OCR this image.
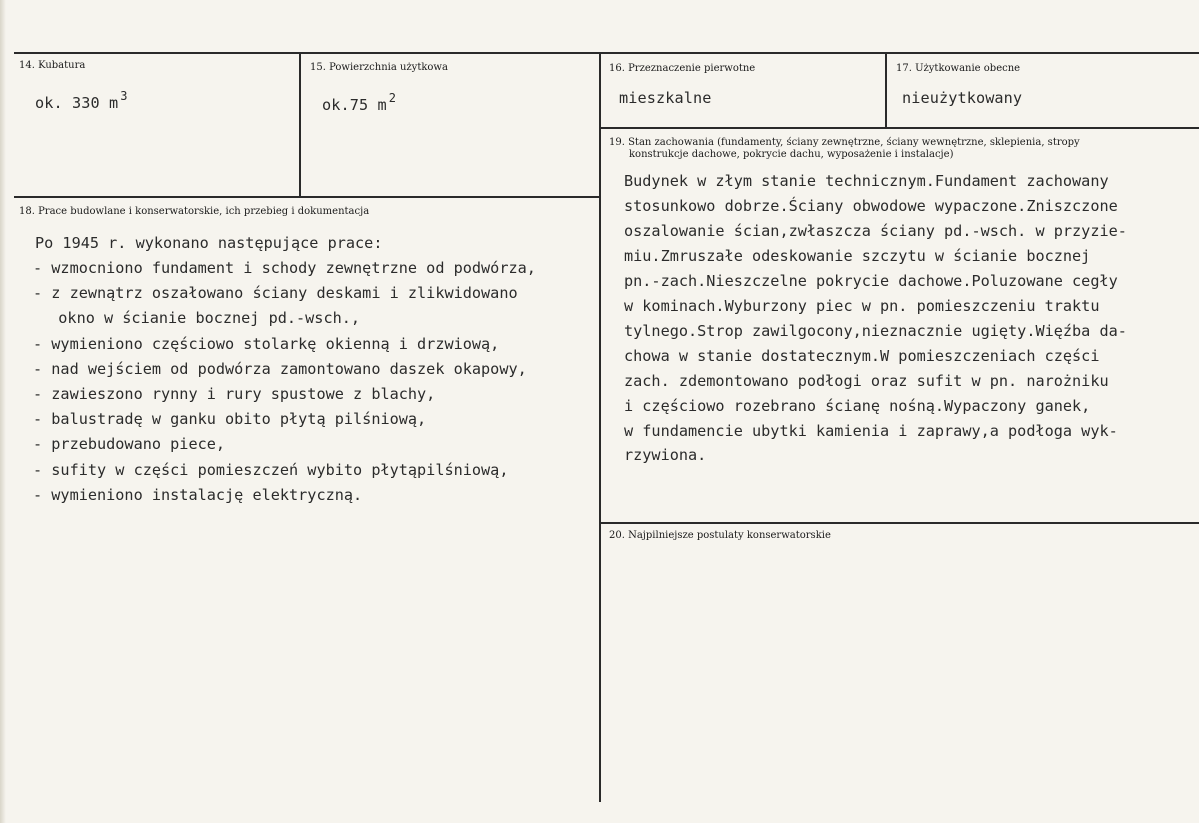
14. Kubatura
ok. 330 m $^3$
15. Powierzchnia użytkowa
ok.75 m $^2$
16. Przeznaczenie pierwotne
mieszkalne
17. Użytkowanie obecne
nieużytkowany
18. Prace budowlane i konserwatorskie, ich przebieg i dokumentacja
Po 1945 r. wykonano następujące prace:
- wzmocniono fundament i schody zewnętrzne od podwórza,
- z zewnątrz oszałowano ściany deskami i zlikwidowano
okno w ścianie bocznej pd.-wsch.,
- wymieniono częściowo stolarkę okienną i drzwiową,
- nad wejściem od podwórza zamontowano daszek okapowy,
- zawieszono rynny i rury spustowe z blachy,
- balustradę w ganku obito płytą pilśniową,
- przebudowano piece,
- sufity w części pomieszczeń wybito płytąpilśniową,
- wymieniono instalację elektryczną.
19. Stan zachowania (fundamenty, ściany zewnętrzne, ściany wewnętrzne, sklepienia, stropy
konstrukcje dachowe, pokrycie dachu, wyposażenie i instalacje)
Budynek w złym stanie technicznym.Fundament zachowany
stosunkowo dobrze.Ściany obwodowe wypaczone.Zniszczone
oszalowanie ścian,zwłaszcza ściany pd.-wsch. w przyzie-
miu.Zmruszałe odeskowanie szczytu w ścianie bocznej
pn.-zach.Nieszczelne pokrycie dachowe.Poluzowane cegły
w kominach.Wyburzony piec w pn. pomieszczeniu traktu
tylnego.Strop zawilgocony,nieznacznie ugięty.Więźba da-
chowa w stanie dostatecznym.W pomieszczeniach części
zach. zdemontowano podłogi oraz sufit w pn. narożniku
i częściowo rozebrano ścianę nośną.Wypaczony ganek,
w fundamencie ubytki kamienia i zaprawy,a podłoga wyk-
rzywiona.
20. Najpilniejsze postulaty konserwatorskie
